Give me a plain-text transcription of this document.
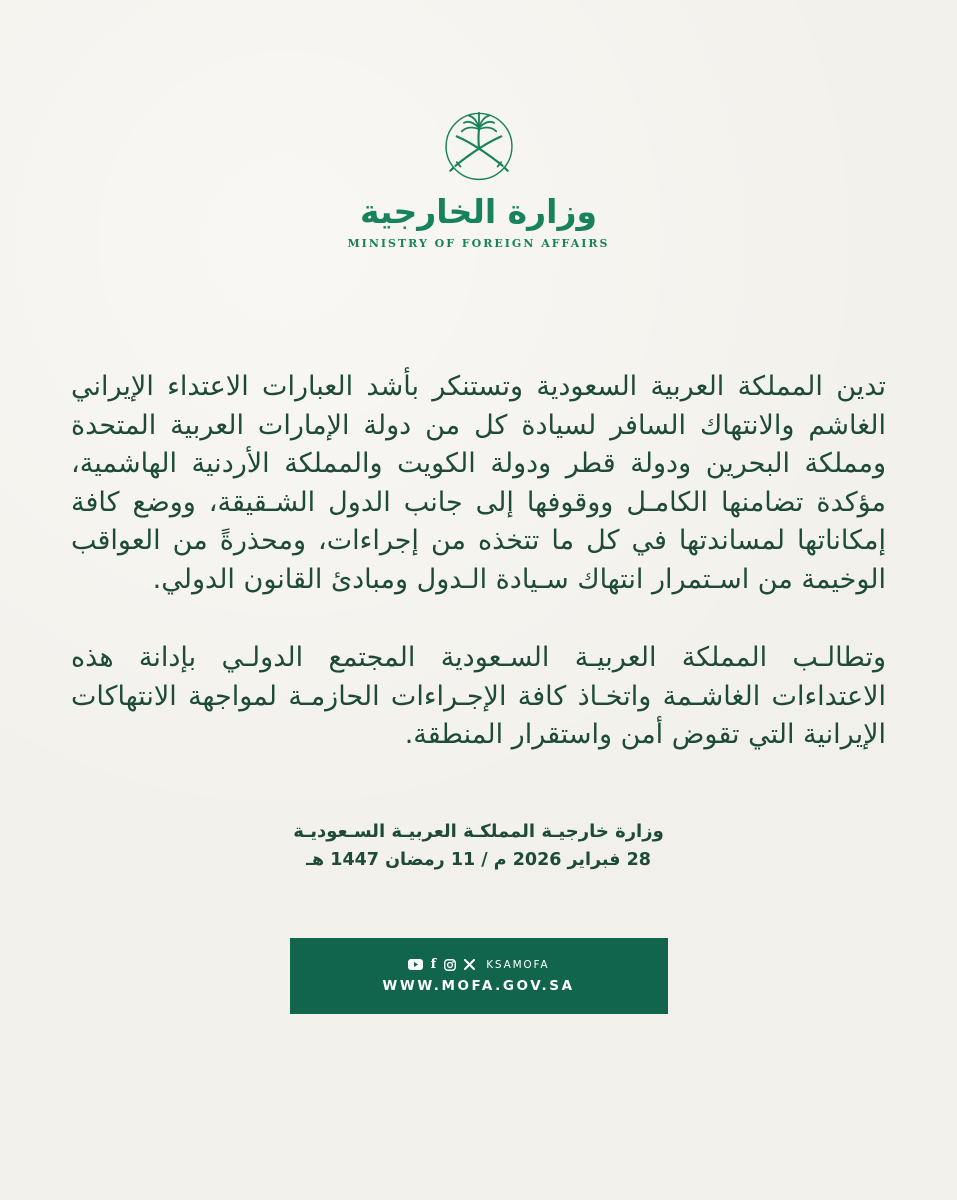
وزارة الخارجية
MINISTRY OF FOREIGN AFFAIRS

تدين المملكة العربية السعودية وتستنكر بأشد العبارات الاعتداء الإيراني الغاشم والانتهاك السافر لسيادة كل من دولة الإمارات العربية المتحدة ومملكة البحرين ودولة قطر ودولة الكويت والمملكة الأردنية الهاشمية، مؤكدة تضامنها الكامـل ووقوفها إلى جانب الدول الشـقيقة، ووضع كافة إمكاناتها لمساندتها في كل ما تتخذه من إجراءات، ومحذرةً من العواقب الوخيمة من اسـتمرار انتهاك سـيادة الـدول ومبادئ القانون الدولي.

وتطالـب المملكة العربيـة السـعودية المجتمع الدولـي بإدانة هذه الاعتداءات الغاشـمة واتخـاذ كافة الإجـراءات الحازمـة لمواجهة الانتهاكات الإيرانية التي تقوض أمن واستقرار المنطقة.

وزارة خارجيـة المملكـة العربيـة السـعوديـة
28 فبراير 2026 م / 11 رمضان 1447 هـ
f	KSAMOFA
WWW.MOFA.GOV.SA
